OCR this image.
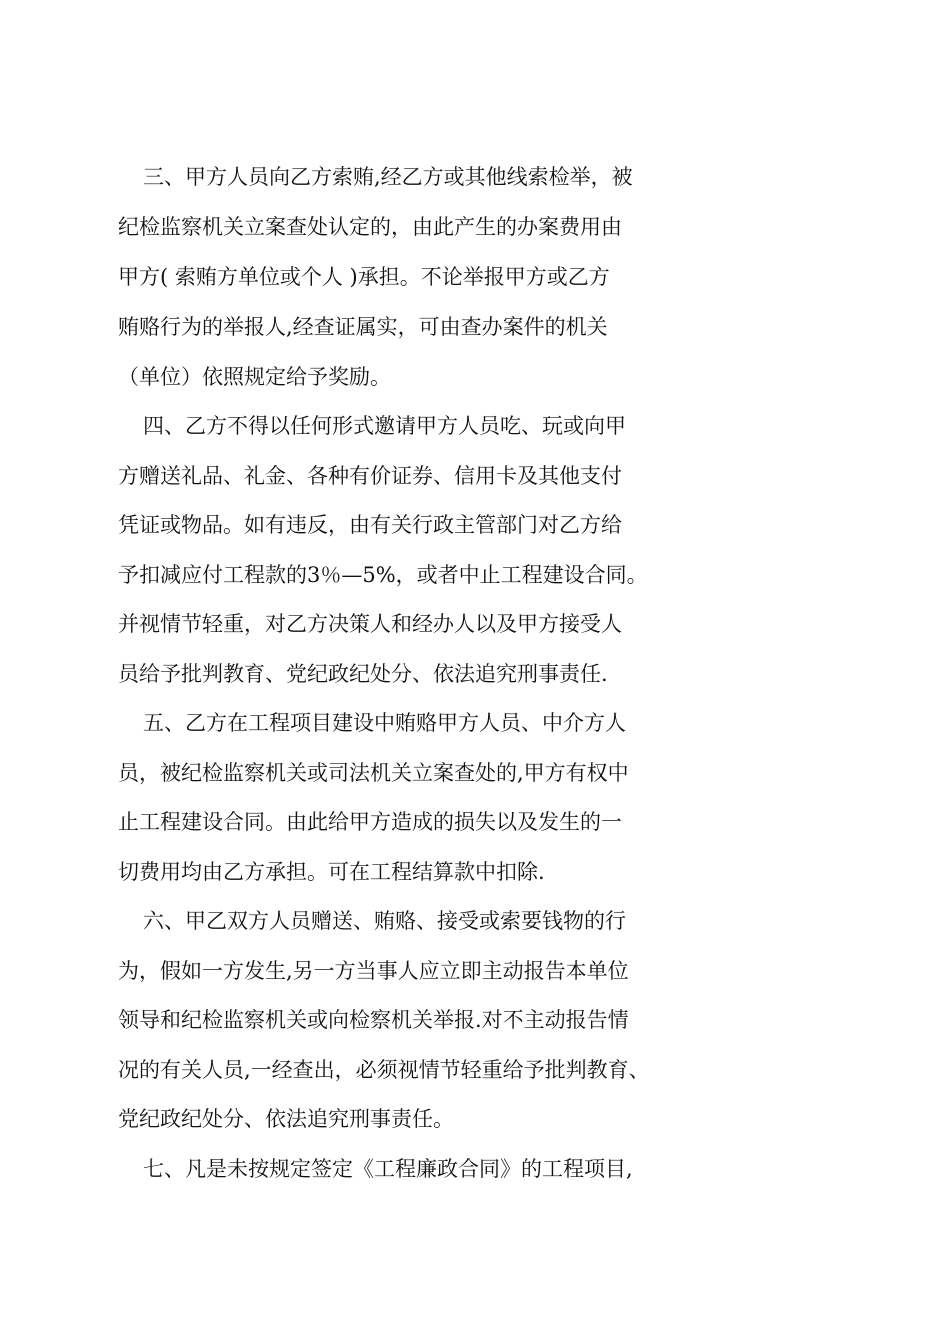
三、甲方人员向乙方索贿,经乙方或其他线索检举，被
纪检监察机关立案查处认定的，由此产生的办案费用由
甲方( 索贿方单位或个人 )承担。不论举报甲方或乙方
贿赂行为的举报人,经查证属实，可由查办案件的机关
（单位）依照规定给予奖励。
四、乙方不得以任何形式邀请甲方人员吃、玩或向甲
方赠送礼品、礼金、各种有价证券、信用卡及其他支付
凭证或物品。如有违反，由有关行政主管部门对乙方给
予扣减应付工程款的3％—5%，或者中止工程建设合同。
并视情节轻重，对乙方决策人和经办人以及甲方接受人
员给予批判教育、党纪政纪处分、依法追究刑事责任.
五、乙方在工程项目建设中贿赂甲方人员、中介方人
员，被纪检监察机关或司法机关立案查处的,甲方有权中
止工程建设合同。由此给甲方造成的损失以及发生的一
切费用均由乙方承担。可在工程结算款中扣除.
六、甲乙双方人员赠送、贿赂、接受或索要钱物的行
为，假如一方发生,另一方当事人应立即主动报告本单位
领导和纪检监察机关或向检察机关举报.对不主动报告情
况的有关人员,一经查出，必须视情节轻重给予批判教育、
党纪政纪处分、依法追究刑事责任。
七、凡是未按规定签定《工程廉政合同》的工程项目,
